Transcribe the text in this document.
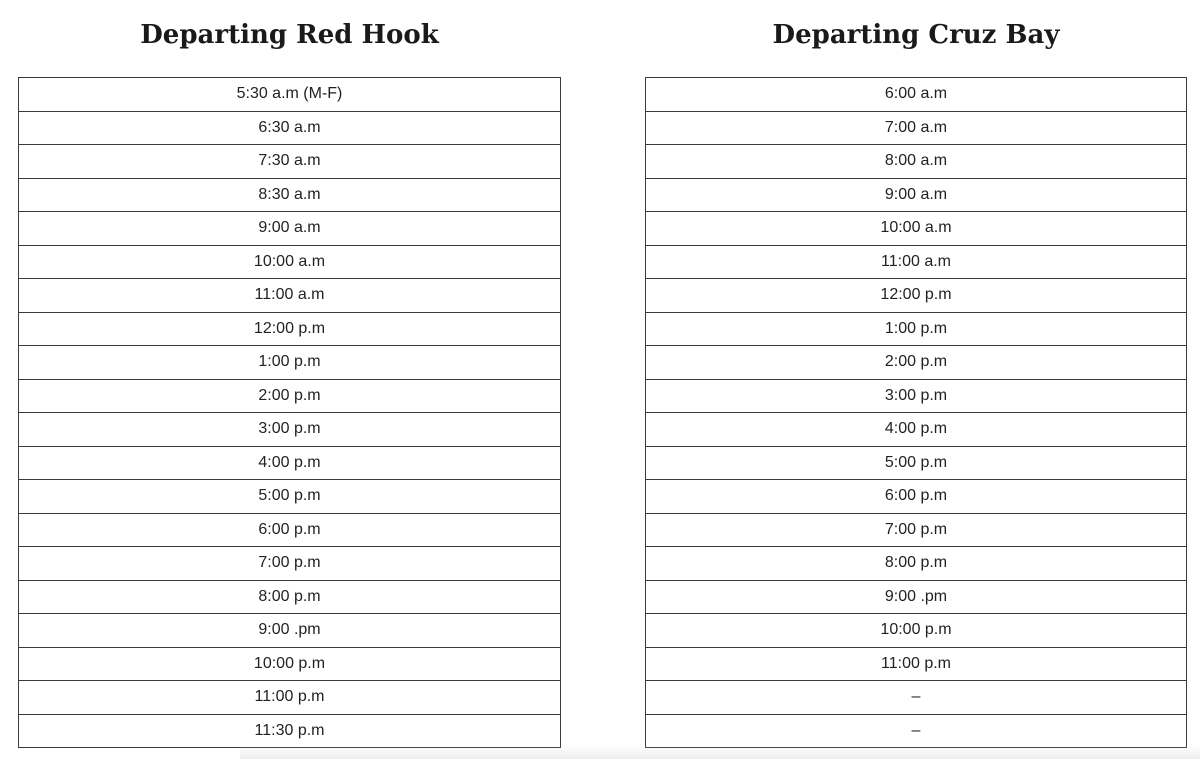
Departing Red Hook
5:30 a.m (M-F)
6:30 a.m
7:30 a.m
8:30 a.m
9:00 a.m
10:00 a.m
11:00 a.m
12:00 p.m
1:00 p.m
2:00 p.m
3:00 p.m
4:00 p.m
5:00 p.m
6:00 p.m
7:00 p.m
8:00 p.m
9:00 .pm
10:00 p.m
11:00 p.m
11:30 p.m
Departing Cruz Bay
6:00 a.m
7:00 a.m
8:00 a.m
9:00 a.m
10:00 a.m
11:00 a.m
12:00 p.m
1:00 p.m
2:00 p.m
3:00 p.m
4:00 p.m
5:00 p.m
6:00 p.m
7:00 p.m
8:00 p.m
9:00 .pm
10:00 p.m
11:00 p.m
–
–
